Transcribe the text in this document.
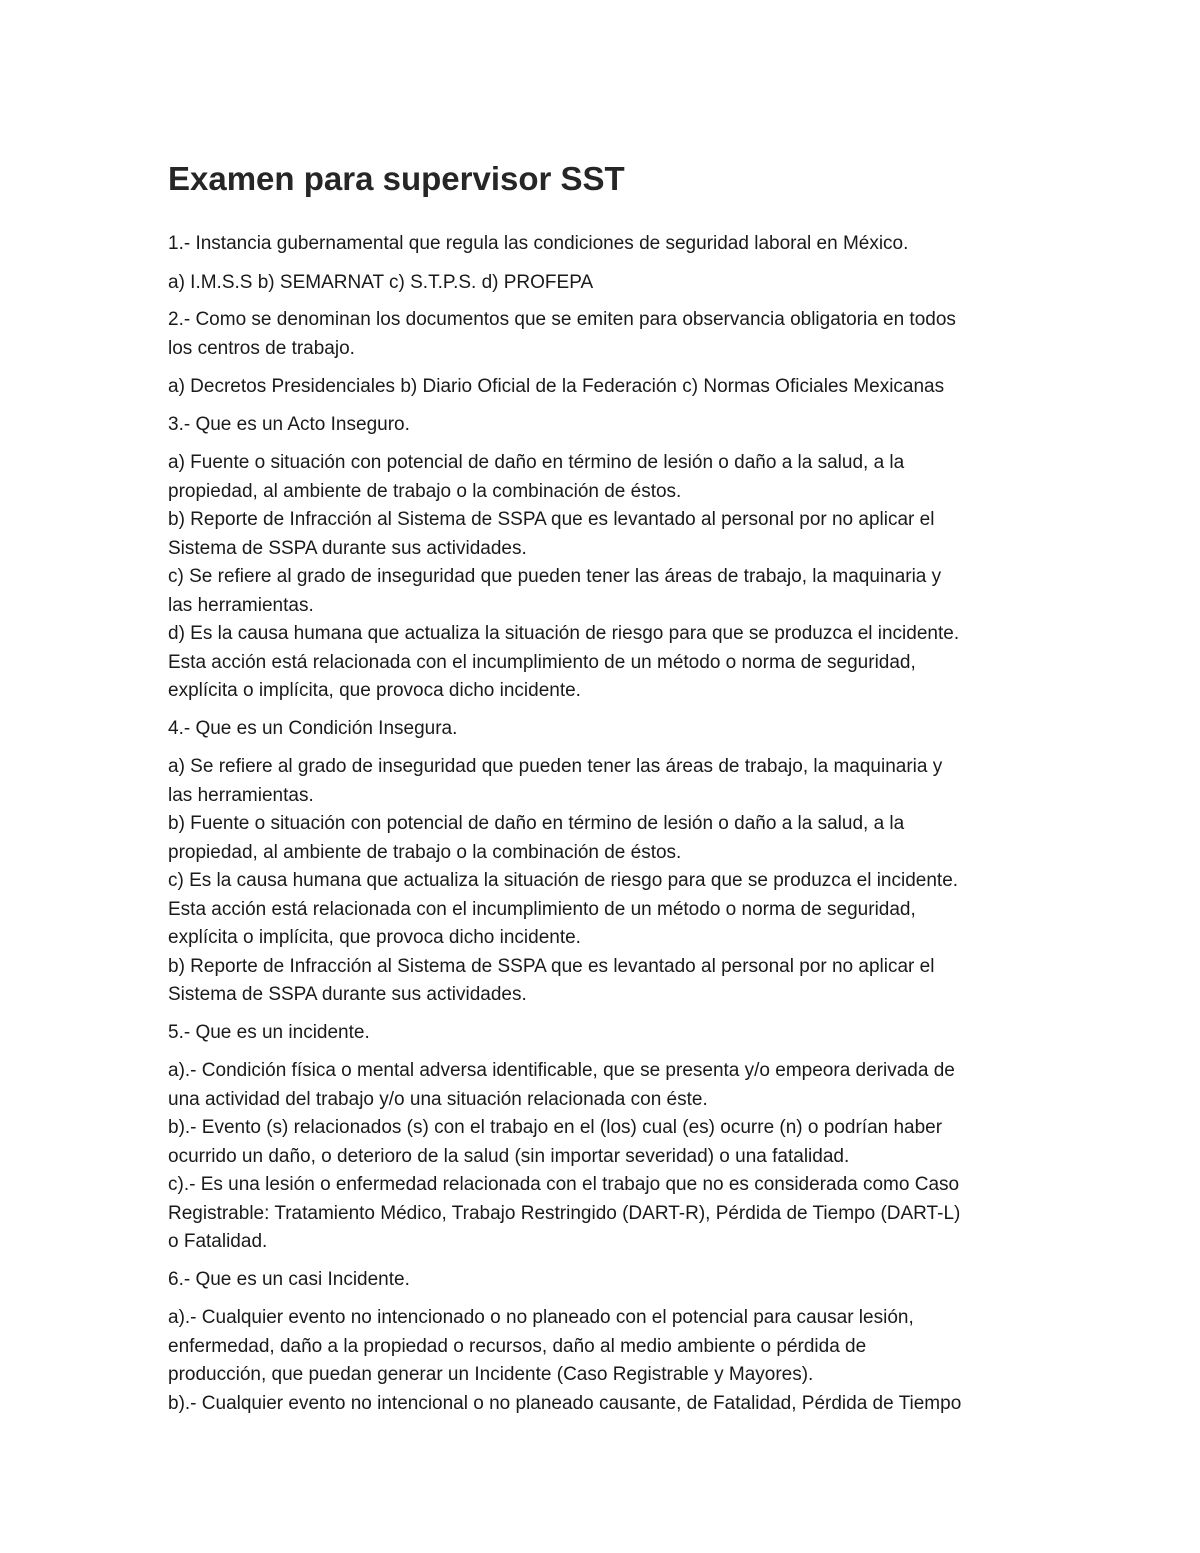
Examen para supervisor SST

1.- Instancia gubernamental que regula las condiciones de seguridad laboral en México.

a) I.M.S.S b) SEMARNAT c) S.T.P.S. d) PROFEPA

2.- Como se denominan los documentos que se emiten para observancia obligatoria en todos
los centros de trabajo.

a) Decretos Presidenciales b) Diario Oficial de la Federación c) Normas Oficiales Mexicanas

3.- Que es un Acto Inseguro.

a) Fuente o situación con potencial de daño en término de lesión o daño a la salud, a la

propiedad, al ambiente de trabajo o la combinación de éstos.

b) Reporte de Infracción al Sistema de SSPA que es levantado al personal por no aplicar el

Sistema de SSPA durante sus actividades.

c) Se refiere al grado de inseguridad que pueden tener las áreas de trabajo, la maquinaria y

las herramientas.

d) Es la causa humana que actualiza la situación de riesgo para que se produzca el incidente.

Esta acción está relacionada con el incumplimiento de un método o norma de seguridad,

explícita o implícita, que provoca dicho incidente.

4.- Que es un Condición Insegura.

a) Se refiere al grado de inseguridad que pueden tener las áreas de trabajo, la maquinaria y

las herramientas.

b) Fuente o situación con potencial de daño en término de lesión o daño a la salud, a la

propiedad, al ambiente de trabajo o la combinación de éstos.

c) Es la causa humana que actualiza la situación de riesgo para que se produzca el incidente.

Esta acción está relacionada con el incumplimiento de un método o norma de seguridad,

explícita o implícita, que provoca dicho incidente.

b) Reporte de Infracción al Sistema de SSPA que es levantado al personal por no aplicar el

Sistema de SSPA durante sus actividades.

5.- Que es un incidente.

a).- Condición física o mental adversa identificable, que se presenta y/o empeora derivada de

una actividad del trabajo y/o una situación relacionada con éste.

b).- Evento (s) relacionados (s) con el trabajo en el (los) cual (es) ocurre (n) o podrían haber

ocurrido un daño, o deterioro de la salud (sin importar severidad) o una fatalidad.

c).- Es una lesión o enfermedad relacionada con el trabajo que no es considerada como Caso

Registrable: Tratamiento Médico, Trabajo Restringido (DART-R), Pérdida de Tiempo (DART-L)

o Fatalidad.

6.- Que es un casi Incidente.

a).- Cualquier evento no intencionado o no planeado con el potencial para causar lesión,

enfermedad, daño a la propiedad o recursos, daño al medio ambiente o pérdida de

producción, que puedan generar un Incidente (Caso Registrable y Mayores).

b).- Cualquier evento no intencional o no planeado causante, de Fatalidad, Pérdida de Tiempo
